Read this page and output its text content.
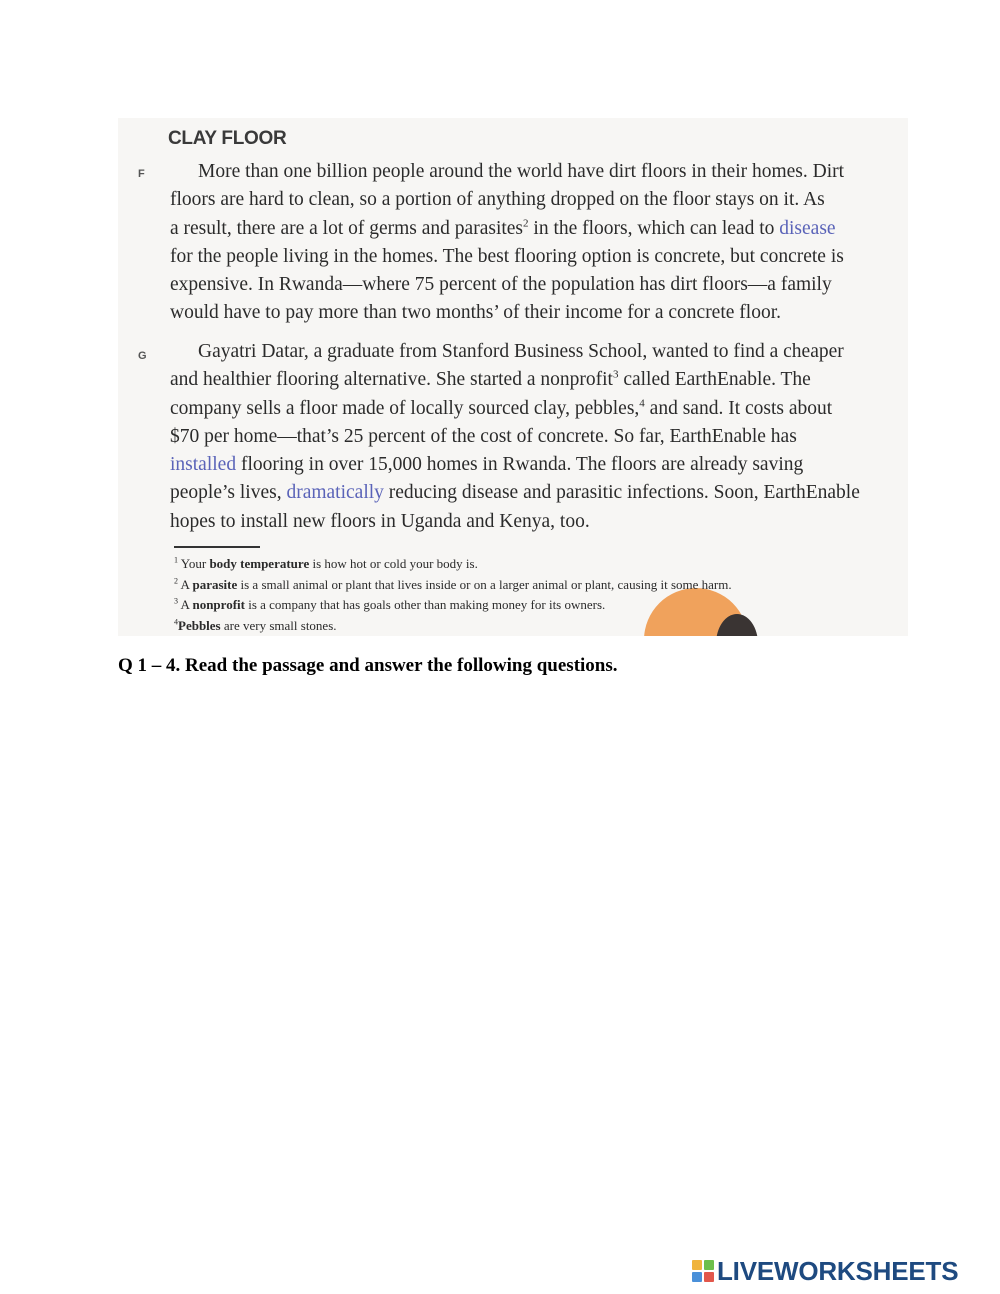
CLAY FLOOR
F	More than one billion people around the world have dirt floors in their homes. Dirt
floors are hard to clean, so a portion of anything dropped on the floor stays on it. As
a result, there are a lot of germs and parasites$^2$ in the floors, which can lead to disease
for the people living in the homes. The best flooring option is concrete, but concrete is
expensive. In Rwanda—where 75 percent of the population has dirt floors—a family
would have to pay more than two months’ of their income for a concrete floor.

G	Gayatri Datar, a graduate from Stanford Business School, wanted to find a cheaper
and healthier flooring alternative. She started a nonprofit$^3$ called EarthEnable. The
company sells a floor made of locally sourced clay, pebbles,$^4$ and sand. It costs about
$70 per home—that’s 25 percent of the cost of concrete. So far, EarthEnable has
installed flooring in over 15,000 homes in Rwanda. The floors are already saving
people’s lives, dramatically reducing disease and parasitic infections. Soon, EarthEnable
hopes to install new floors in Uganda and Kenya, too.

$^1$ Your body temperature is how hot or cold your body is.
$^2$ A parasite is a small animal or plant that lives inside or on a larger animal or plant, causing it some harm.
$^3$ A nonprofit is a company that has goals other than making money for its owners.
$^4$Pebbles are very small stones.
Q 1 – 4. Read the passage and answer the following questions.
LIVEWORKSHEETS
